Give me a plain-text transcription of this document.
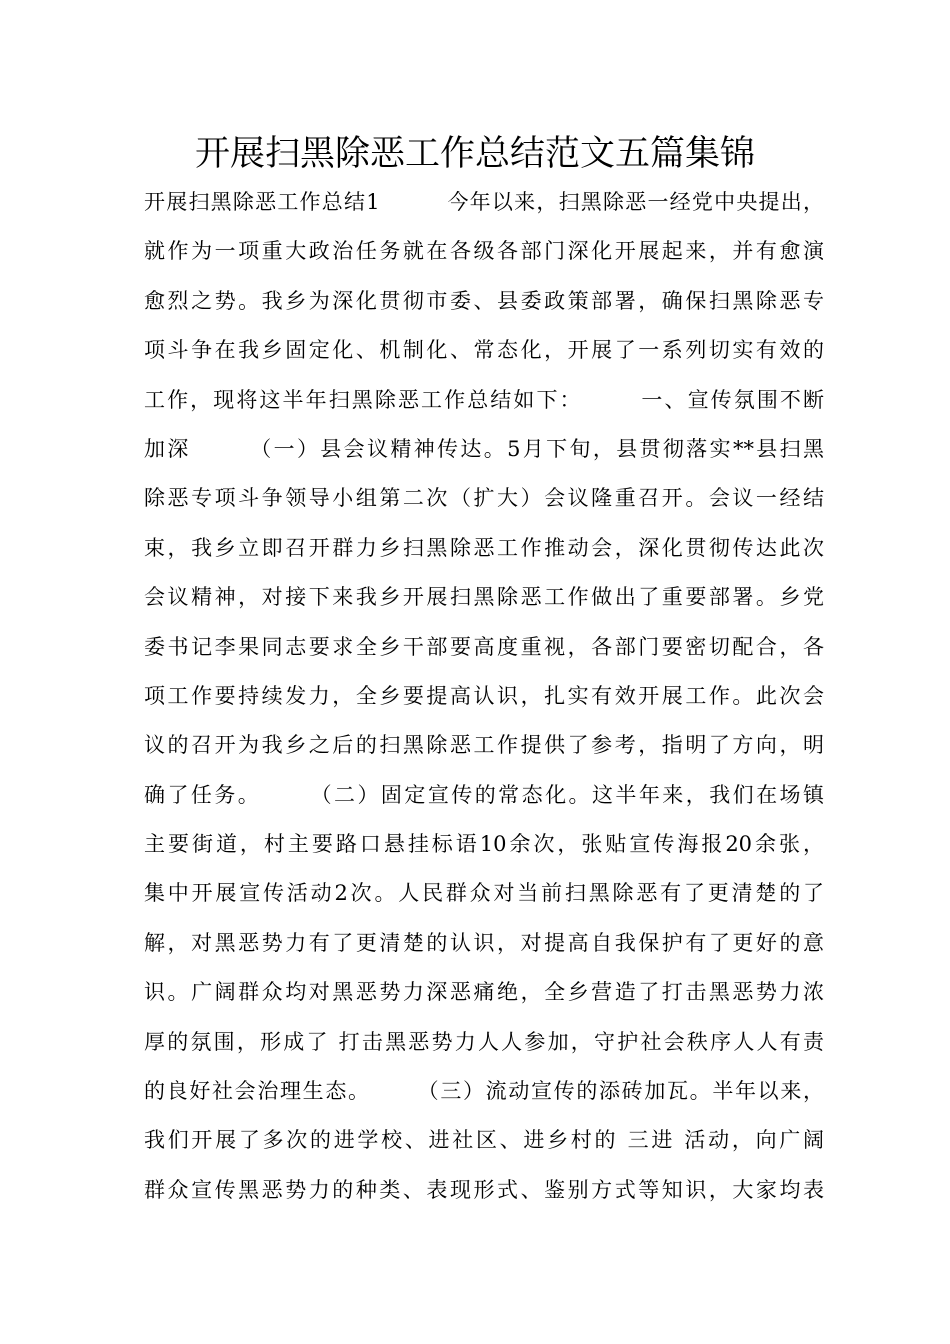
开展扫黑除恶工作总结范文五篇集锦
开展扫黑除恶工作总结1　　　今年以来，扫黑除恶一经党中央提出，
就作为一项重大政治任务就在各级各部门深化开展起来，并有愈演
愈烈之势。我乡为深化贯彻市委、县委政策部署，确保扫黑除恶专
项斗争在我乡固定化、机制化、常态化，开展了一系列切实有效的
工作，现将这半年扫黑除恶工作总结如下：　　　一、宣传氛围不断
加深　　　（一）县会议精神传达。5月下旬，县贯彻落实**县扫黑
除恶专项斗争领导小组第二次（扩大）会议隆重召开。会议一经结
束，我乡立即召开群力乡扫黑除恶工作推动会，深化贯彻传达此次
会议精神，对接下来我乡开展扫黑除恶工作做出了重要部署。乡党
委书记李果同志要求全乡干部要高度重视，各部门要密切配合，各
项工作要持续发力，全乡要提高认识，扎实有效开展工作。此次会
议的召开为我乡之后的扫黑除恶工作提供了参考，指明了方向，明
确了任务。　　　（二）固定宣传的常态化。这半年来，我们在场镇
主要街道，村主要路口悬挂标语10余次，张贴宣传海报20余张，
集中开展宣传活动2次。人民群众对当前扫黑除恶有了更清楚的了
解，对黑恶势力有了更清楚的认识，对提高自我保护有了更好的意
识。广阔群众均对黑恶势力深恶痛绝，全乡营造了打击黑恶势力浓
厚的氛围，形成了 打击黑恶势力人人参加，守护社会秩序人人有责
的良好社会治理生态。　　　（三）流动宣传的添砖加瓦。半年以来，
我们开展了多次的进学校、进社区、进乡村的 三进 活动，向广阔
群众宣传黑恶势力的种类、表现形式、鉴别方式等知识，大家均表
